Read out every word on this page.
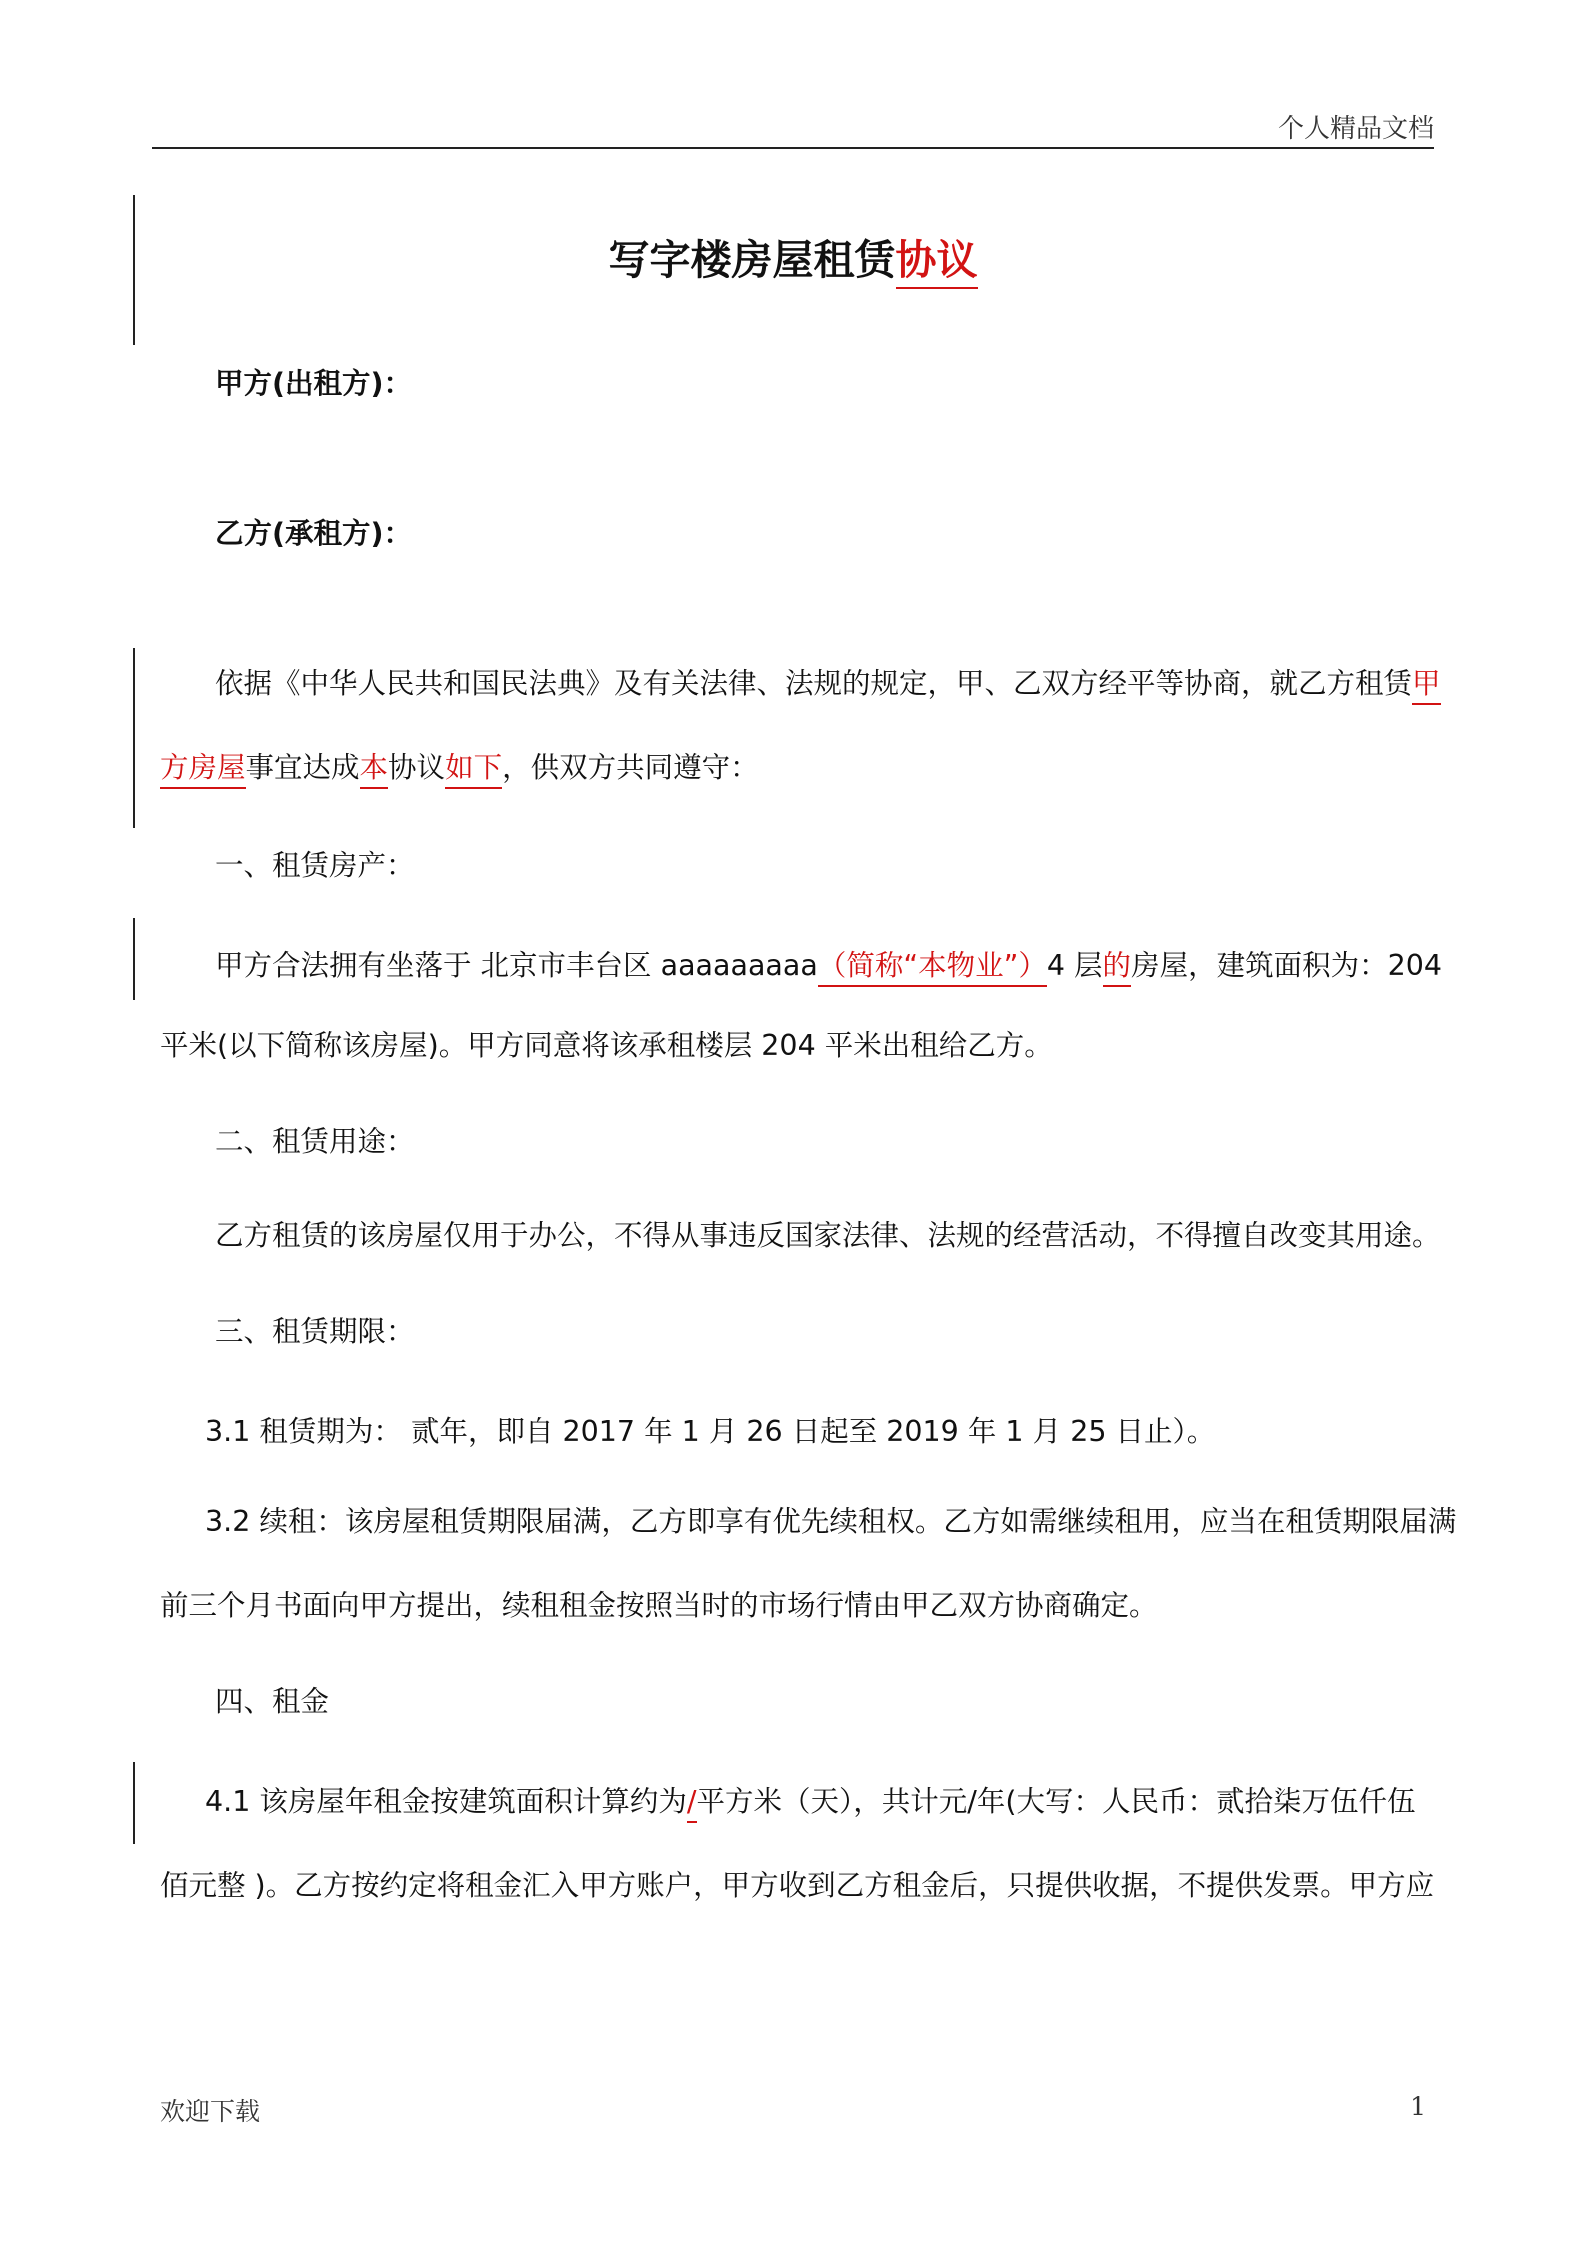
个人精品文档
写字楼房屋租赁协议
甲方(出租方)：
乙方(承租方)：
依据《中华人民共和国民法典》及有关法律、法规的规定，甲、乙双方经平等协商，就乙方租赁甲
方房屋事宜达成本协议如下，供双方共同遵守：
一、租赁房产：
甲方合法拥有坐落于 北京市丰台区 aaaaaaaaa（简称“本物业”）4 层的房屋，建筑面积为：204
平米(以下简称该房屋)。甲方同意将该承租楼层 204 平米出租给乙方。
二、租赁用途：
乙方租赁的该房屋仅用于办公，不得从事违反国家法律、法规的经营活动，不得擅自改变其用途。
三、租赁期限：
3.1 租赁期为： 贰年，即自 2017 年 1 月 26 日起至 2019 年 1 月 25 日止）。
3.2 续租：该房屋租赁期限届满，乙方即享有优先续租权。乙方如需继续租用，应当在租赁期限届满
前三个月书面向甲方提出，续租租金按照当时的市场行情由甲乙双方协商确定。
四、租金
4.1 该房屋年租金按建筑面积计算约为/平方米（天），共计元/年(大写：人民币：贰拾柒万伍仟伍
佰元整 )。乙方按约定将租金汇入甲方账户，甲方收到乙方租金后，只提供收据，不提供发票。甲方应
欢迎下载	1
